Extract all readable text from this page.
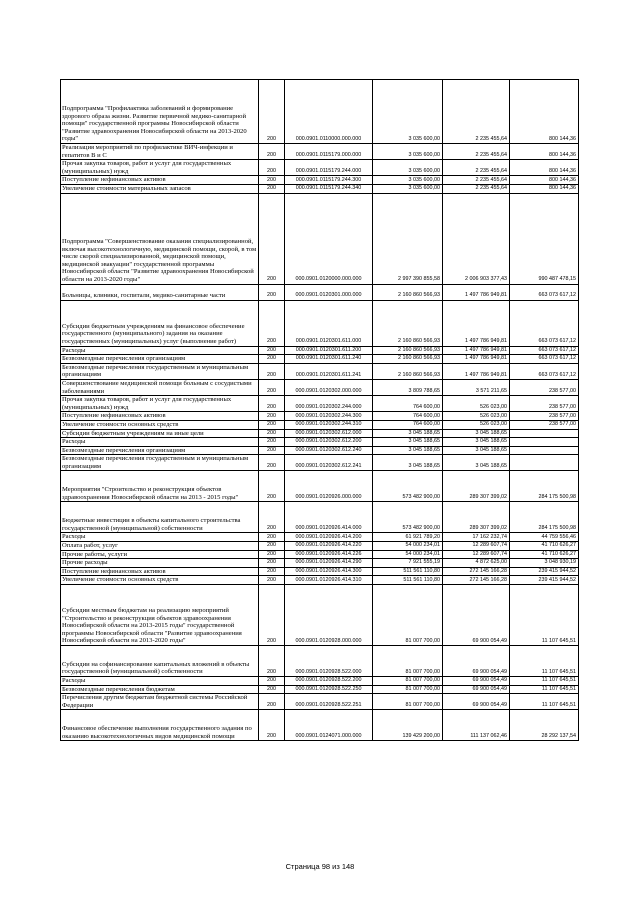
Подпрограмма "Профилактика заболеваний и формирование здорового образа жизни. Развитие первичной медико-санитарной помощи" государственной программы Новосибирской области "Развитие здравоохранения Новосибирской области на 2013-2020 годы"	200	000.0901.0110000.000.000	3 035 600,00	2 235 455,64	800 144,36
Реализация мероприятий по профилактике ВИЧ-инфекции и гепатитов В и С	200	000.0901.0115179.000.000	3 035 600,00	2 235 455,64	800 144,36
Прочая закупка товаров, работ и услуг для государственных (муниципальных) нужд	200	000.0901.0115179.244.000	3 035 600,00	2 235 455,64	800 144,36
Поступление нефинансовых активов	200	000.0901.0115179.244.300	3 035 600,00	2 235 455,64	800 144,36
Увеличение стоимости материальных запасов	200	000.0901.0115179.244.340	3 035 600,00	2 235 455,64	800 144,36
Подпрограмма "Совершенствование оказания специализированной, включая высокотехнологичную, медицинской помощи, скорой, в том числе скорой специализированной, медицинской помощи, медицинской эвакуации" государственной программы Новосибирской области "Развитие здравоохранения Новосибирской области на 2013-2020 годы"	200	000.0901.0120000.000.000	2 997 390 855,58	2 006 903 377,43	990 487 478,15
Больницы, клиники, госпитали, медико-санитарные части	200	000.0901.0120301.000.000	2 160 860 566,93	1 497 786 949,81	663 073 617,12
Субсидии бюджетным учреждениям на финансовое обеспечение государственного (муниципального) задания на оказание государственных (муниципальных) услуг (выполнение работ)	200	000.0901.0120301.611.000	2 160 860 566,93	1 497 786 949,81	663 073 617,12
Расходы	200	000.0901.0120301.611.200	2 160 860 566,93	1 497 786 949,81	663 073 617,12
Безвозмездные перечисления организациям	200	000.0901.0120301.611.240	2 160 860 566,93	1 497 786 949,81	663 073 617,12
Безвозмездные перечисления государственным и муниципальным организациям	200	000.0901.0120301.611.241	2 160 860 566,93	1 497 786 949,81	663 073 617,12
Совершенствование медицинской помощи больным с сосудистыми заболеваниями	200	000.0901.0120302.000.000	3 809 788,65	3 571 211,65	238 577,00
Прочая закупка товаров, работ и услуг для государственных (муниципальных) нужд	200	000.0901.0120302.244.000	764 600,00	526 023,00	238 577,00
Поступление нефинансовых активов	200	000.0901.0120302.244.300	764 600,00	526 023,00	238 577,00
Увеличение стоимости основных средств	200	000.0901.0120302.244.310	764 600,00	526 023,00	238 577,00
Субсидии бюджетным учреждениям на иные цели	200	000.0901.0120302.612.000	3 045 188,65	3 045 188,65	
Расходы	200	000.0901.0120302.612.200	3 045 188,65	3 045 188,65	
Безвозмездные перечисления организациям	200	000.0901.0120302.612.240	3 045 188,65	3 045 188,65	
Безвозмездные перечисления государственным и муниципальным организациям	200	000.0901.0120302.612.241	3 045 188,65	3 045 188,65	
Мероприятия "Строительство и реконструкция объектов здравоохранения Новосибирской области на 2013 - 2015 годы"	200	000.0901.0120926.000.000	573 482 900,00	289 307 399,02	284 175 500,98
Бюджетные инвестиции в объекты капитального строительства государственной (муниципальной) собственности	200	000.0901.0120926.414.000	573 482 900,00	289 307 399,02	284 175 500,98
Расходы	200	000.0901.0120926.414.200	61 921 789,20	17 162 232,74	44 759 556,46
Оплата работ, услуг	200	000.0901.0120926.414.220	54 000 234,01	12 289 607,74	41 710 626,27
Прочие работы, услуги	200	000.0901.0120926.414.226	54 000 234,01	12 289 607,74	41 710 626,27
Прочие расходы	200	000.0901.0120926.414.290	7 921 555,19	4 872 625,00	3 048 930,19
Поступление нефинансовых активов	200	000.0901.0120926.414.300	511 561 110,80	272 145 166,28	239 415 944,52
Увеличение стоимости основных средств	200	000.0901.0120926.414.310	511 561 110,80	272 145 166,28	239 415 944,52
Субсидии местным бюджетам на реализацию мероприятий "Строительство и реконструкция объектов здравоохранения Новосибирской области на 2013-2015 годы" государственной программы Новосибирской области "Развитие здравоохранения Новосибирской области на 2013-2020 годы"	200	000.0901.0120928.000.000	81 007 700,00	69 900 054,49	11 107 645,51
Субсидии на софинансирование капитальных вложений в объекты государственной (муниципальной) собственности	200	000.0901.0120928.522.000	81 007 700,00	69 900 054,49	11 107 645,51
Расходы	200	000.0901.0120928.522.200	81 007 700,00	69 900 054,49	11 107 645,51
Безвозмездные перечисления бюджетам	200	000.0901.0120928.522.250	81 007 700,00	69 900 054,49	11 107 645,51
Перечисления другим бюджетам бюджетной системы Российской Федерации	200	000.0901.0120928.522.251	81 007 700,00	69 900 054,49	11 107 645,51
Финансовое обеспечение выполнения государственного задания по оказанию высокотехнологичных видов медицинской помощи	200	000.0901.0124071.000.000	139 429 200,00	111 137 062,46	28 292 137,54
Страница 98 из 148
